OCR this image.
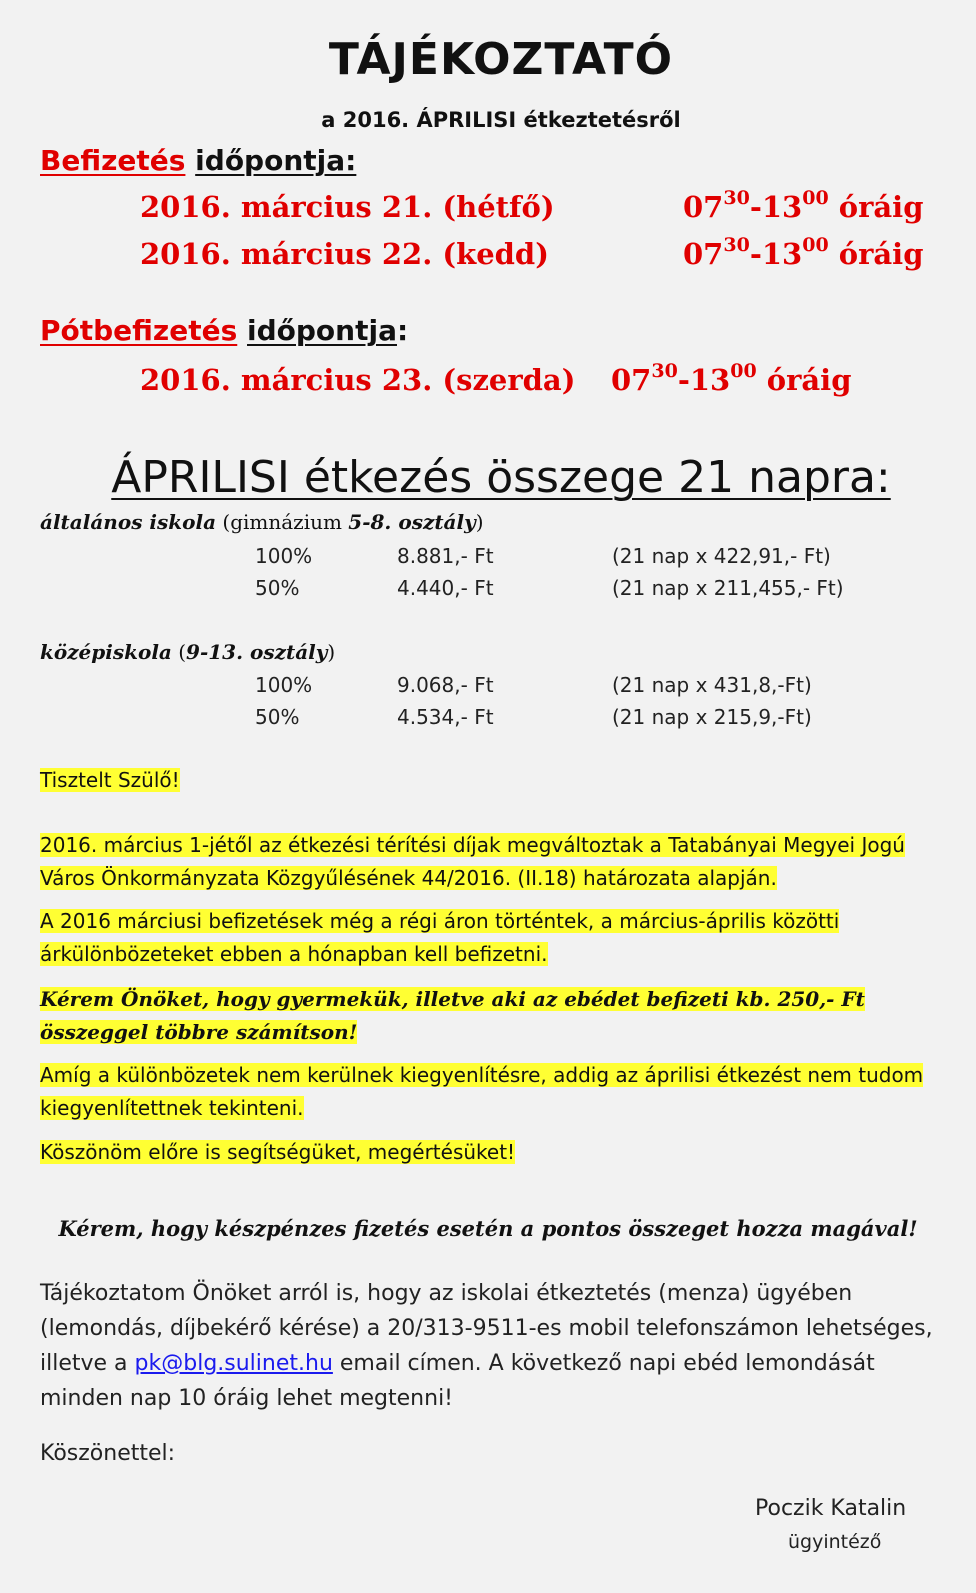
TÁJÉKOZTATÓ
a 2016. ÁPRILISI étkeztetésről
Befizetés időpontja:
2016. március 21. (hétfő)	$07^{30}-13^{00}$ óráig
2016. március 22. (kedd)	$07^{30}-13^{00}$ óráig
Pótbefizetés időpontja:
2016. március 23. (szerda) $07^{30}-13^{00}$ óráig
ÁPRILISI étkezés összege 21 napra:
általános iskola (gimnázium 5-8. osztály)
100%	8.881,- Ft	(21 nap x 422,91,- Ft)
50%	4.440,- Ft	(21 nap x 211,455,- Ft)
középiskola (9-13. osztály)
100%	9.068,- Ft	(21 nap x 431,8,-Ft)
50%	4.534,- Ft	(21 nap x 215,9,-Ft)
Tisztelt Szülő!
2016. március 1-jétől az étkezési térítési díjak megváltoztak a Tatabányai Megyei Jogú Város Önkormányzata Közgyűlésének 44/2016. (II.18) határozata alapján.
A 2016 márciusi befizetések még a régi áron történtek, a március-április közötti árkülönbözeteket ebben a hónapban kell befizetni.
Kérem Önöket, hogy gyermekük, illetve aki az ebédet befizeti kb. 250,- Ft összeggel többre számítson!
Amíg a különbözetek nem kerülnek kiegyenlítésre, addig az áprilisi étkezést nem tudom kiegyenlítettnek tekinteni.
Köszönöm előre is segítségüket, megértésüket!
Kérem, hogy készpénzes fizetés esetén a pontos összeget hozza magával!
Tájékoztatom Önöket arról is, hogy az iskolai étkeztetés (menza) ügyében (lemondás, díjbekérő kérése) a 20/313-9511-es mobil telefonszámon lehetséges, illetve a pk@blg.sulinet.hu email címen. A következő napi ebéd lemondását minden nap 10 óráig lehet megtenni!
Köszönettel:
Poczik Katalin
ügyintéző
